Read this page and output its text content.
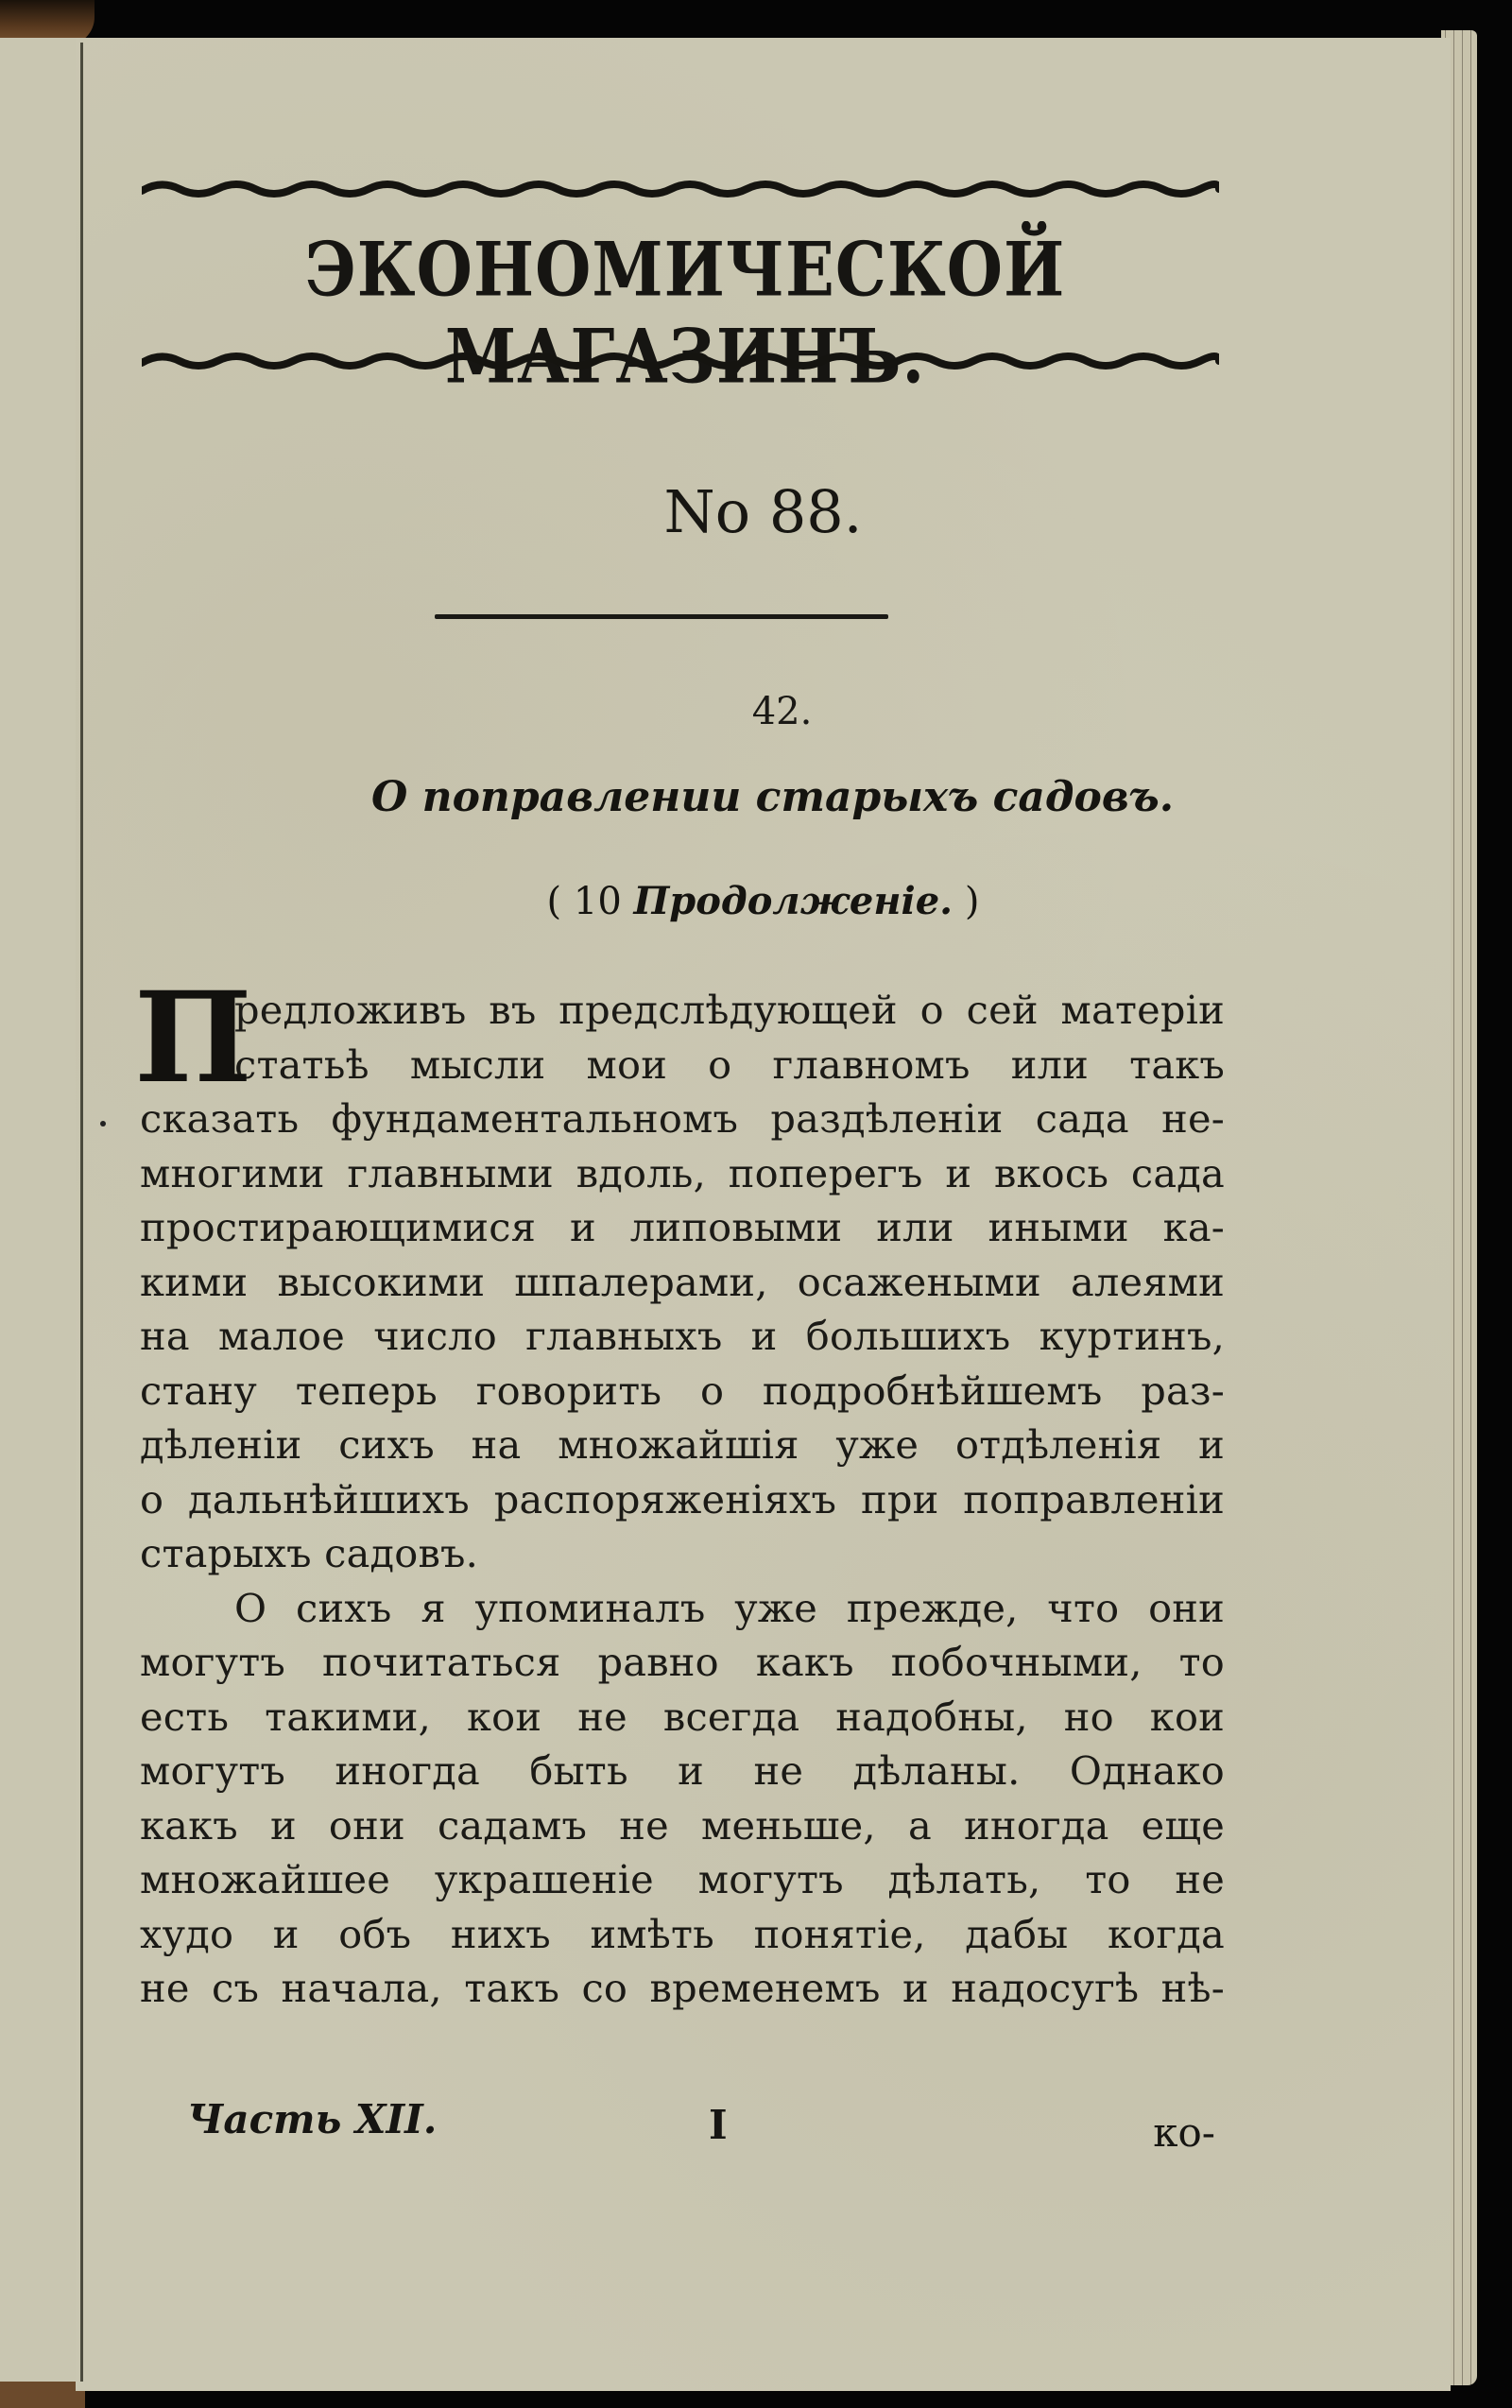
ЭКОНОМИЧЕСКОЙ МАГАЗИНЪ.
No 88.
42.
О поправлении старыхъ садовъ.
( 10 Продолженіе. )
П
редложивъ въ предслѣдующей о сей матеріи
статьѣ мысли мои о главномъ или такъ
сказать фундаментальномъ раздѣленіи сада не-
многими главными вдоль, поперегъ и вкось сада
простирающимися и липовыми или иными ка-
кими высокими шпалерами, осажеными алеями
на малое число главныхъ и большихъ куртинъ,
стану теперь говорить о подробнѣйшемъ раз-
дѣленіи сихъ на множайшія уже отдѣленія и
о дальнѣйшихъ распоряженіяхъ при поправленіи
старыхъ садовъ.
О сихъ я упоминалъ уже прежде, что они
могутъ почитаться равно какъ побочными, то
есть такими, кои не всегда надобны, но кои
могутъ иногда быть и не дѣланы. Однако
какъ и они садамъ не меньше, а иногда еще
множайшее украшеніе могутъ дѣлать, то не
худо и объ нихъ имѣть понятіе, дабы когда
не съ начала, такъ со временемъ и надосугѣ нѣ-
Часть XII.	I	ко-
